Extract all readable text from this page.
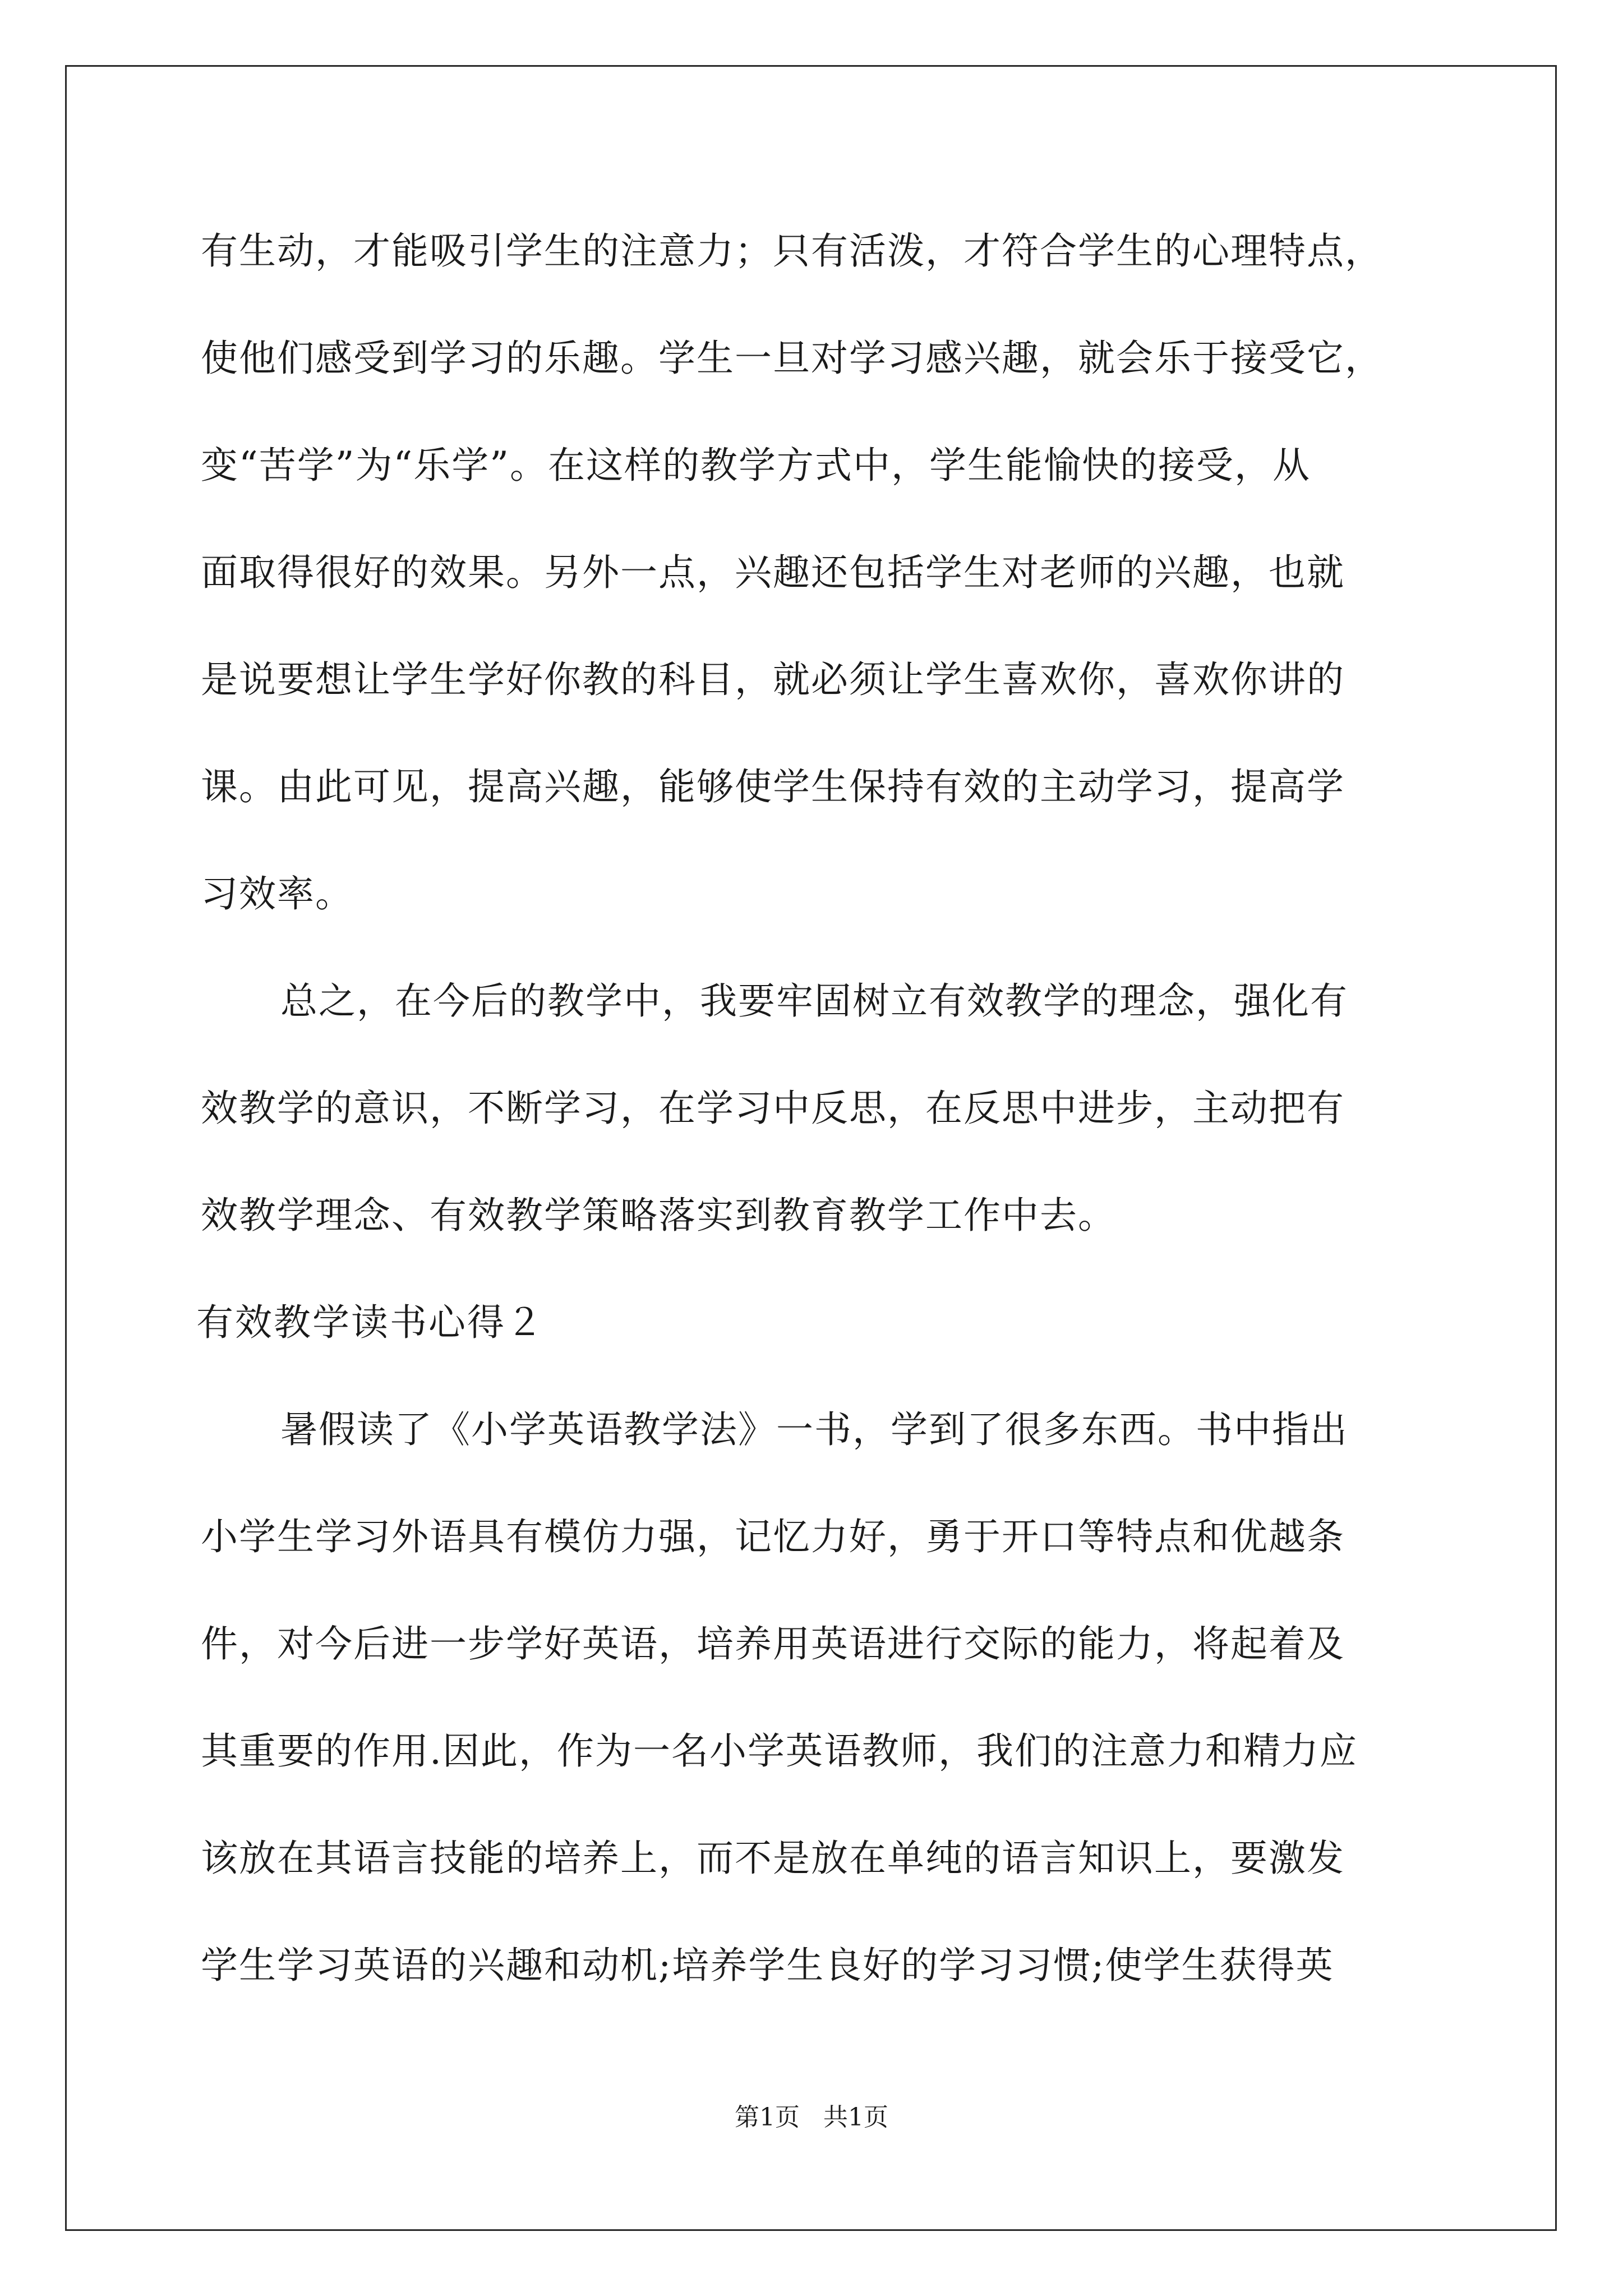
有生动，才能吸引学生的注意力；只有活泼，才符合学生的心理特点，
使他们感受到学习的乐趣。学生一旦对学习感兴趣，就会乐于接受它，
变“苦学”为“乐学”。在这样的教学方式中，学生能愉快的接受，从
面取得很好的效果。另外一点，兴趣还包括学生对老师的兴趣，也就
是说要想让学生学好你教的科目，就必须让学生喜欢你，喜欢你讲的
课。由此可见，提高兴趣，能够使学生保持有效的主动学习，提高学
习效率。
总之，在今后的教学中，我要牢固树立有效教学的理念，强化有
效教学的意识，不断学习，在学习中反思，在反思中进步，主动把有
效教学理念、有效教学策略落实到教育教学工作中去。
有效教学读书心得２
暑假读了《小学英语教学法》一书，学到了很多东西。书中指出
小学生学习外语具有模仿力强，记忆力好，勇于开口等特点和优越条
件，对今后进一步学好英语，培养用英语进行交际的能力，将起着及
其重要的作用.因此，作为一名小学英语教师，我们的注意力和精力应
该放在其语言技能的培养上，而不是放在单纯的语言知识上，要激发
学生学习英语的兴趣和动机;培养学生良好的学习习惯;使学生获得英
第1页   共1页
